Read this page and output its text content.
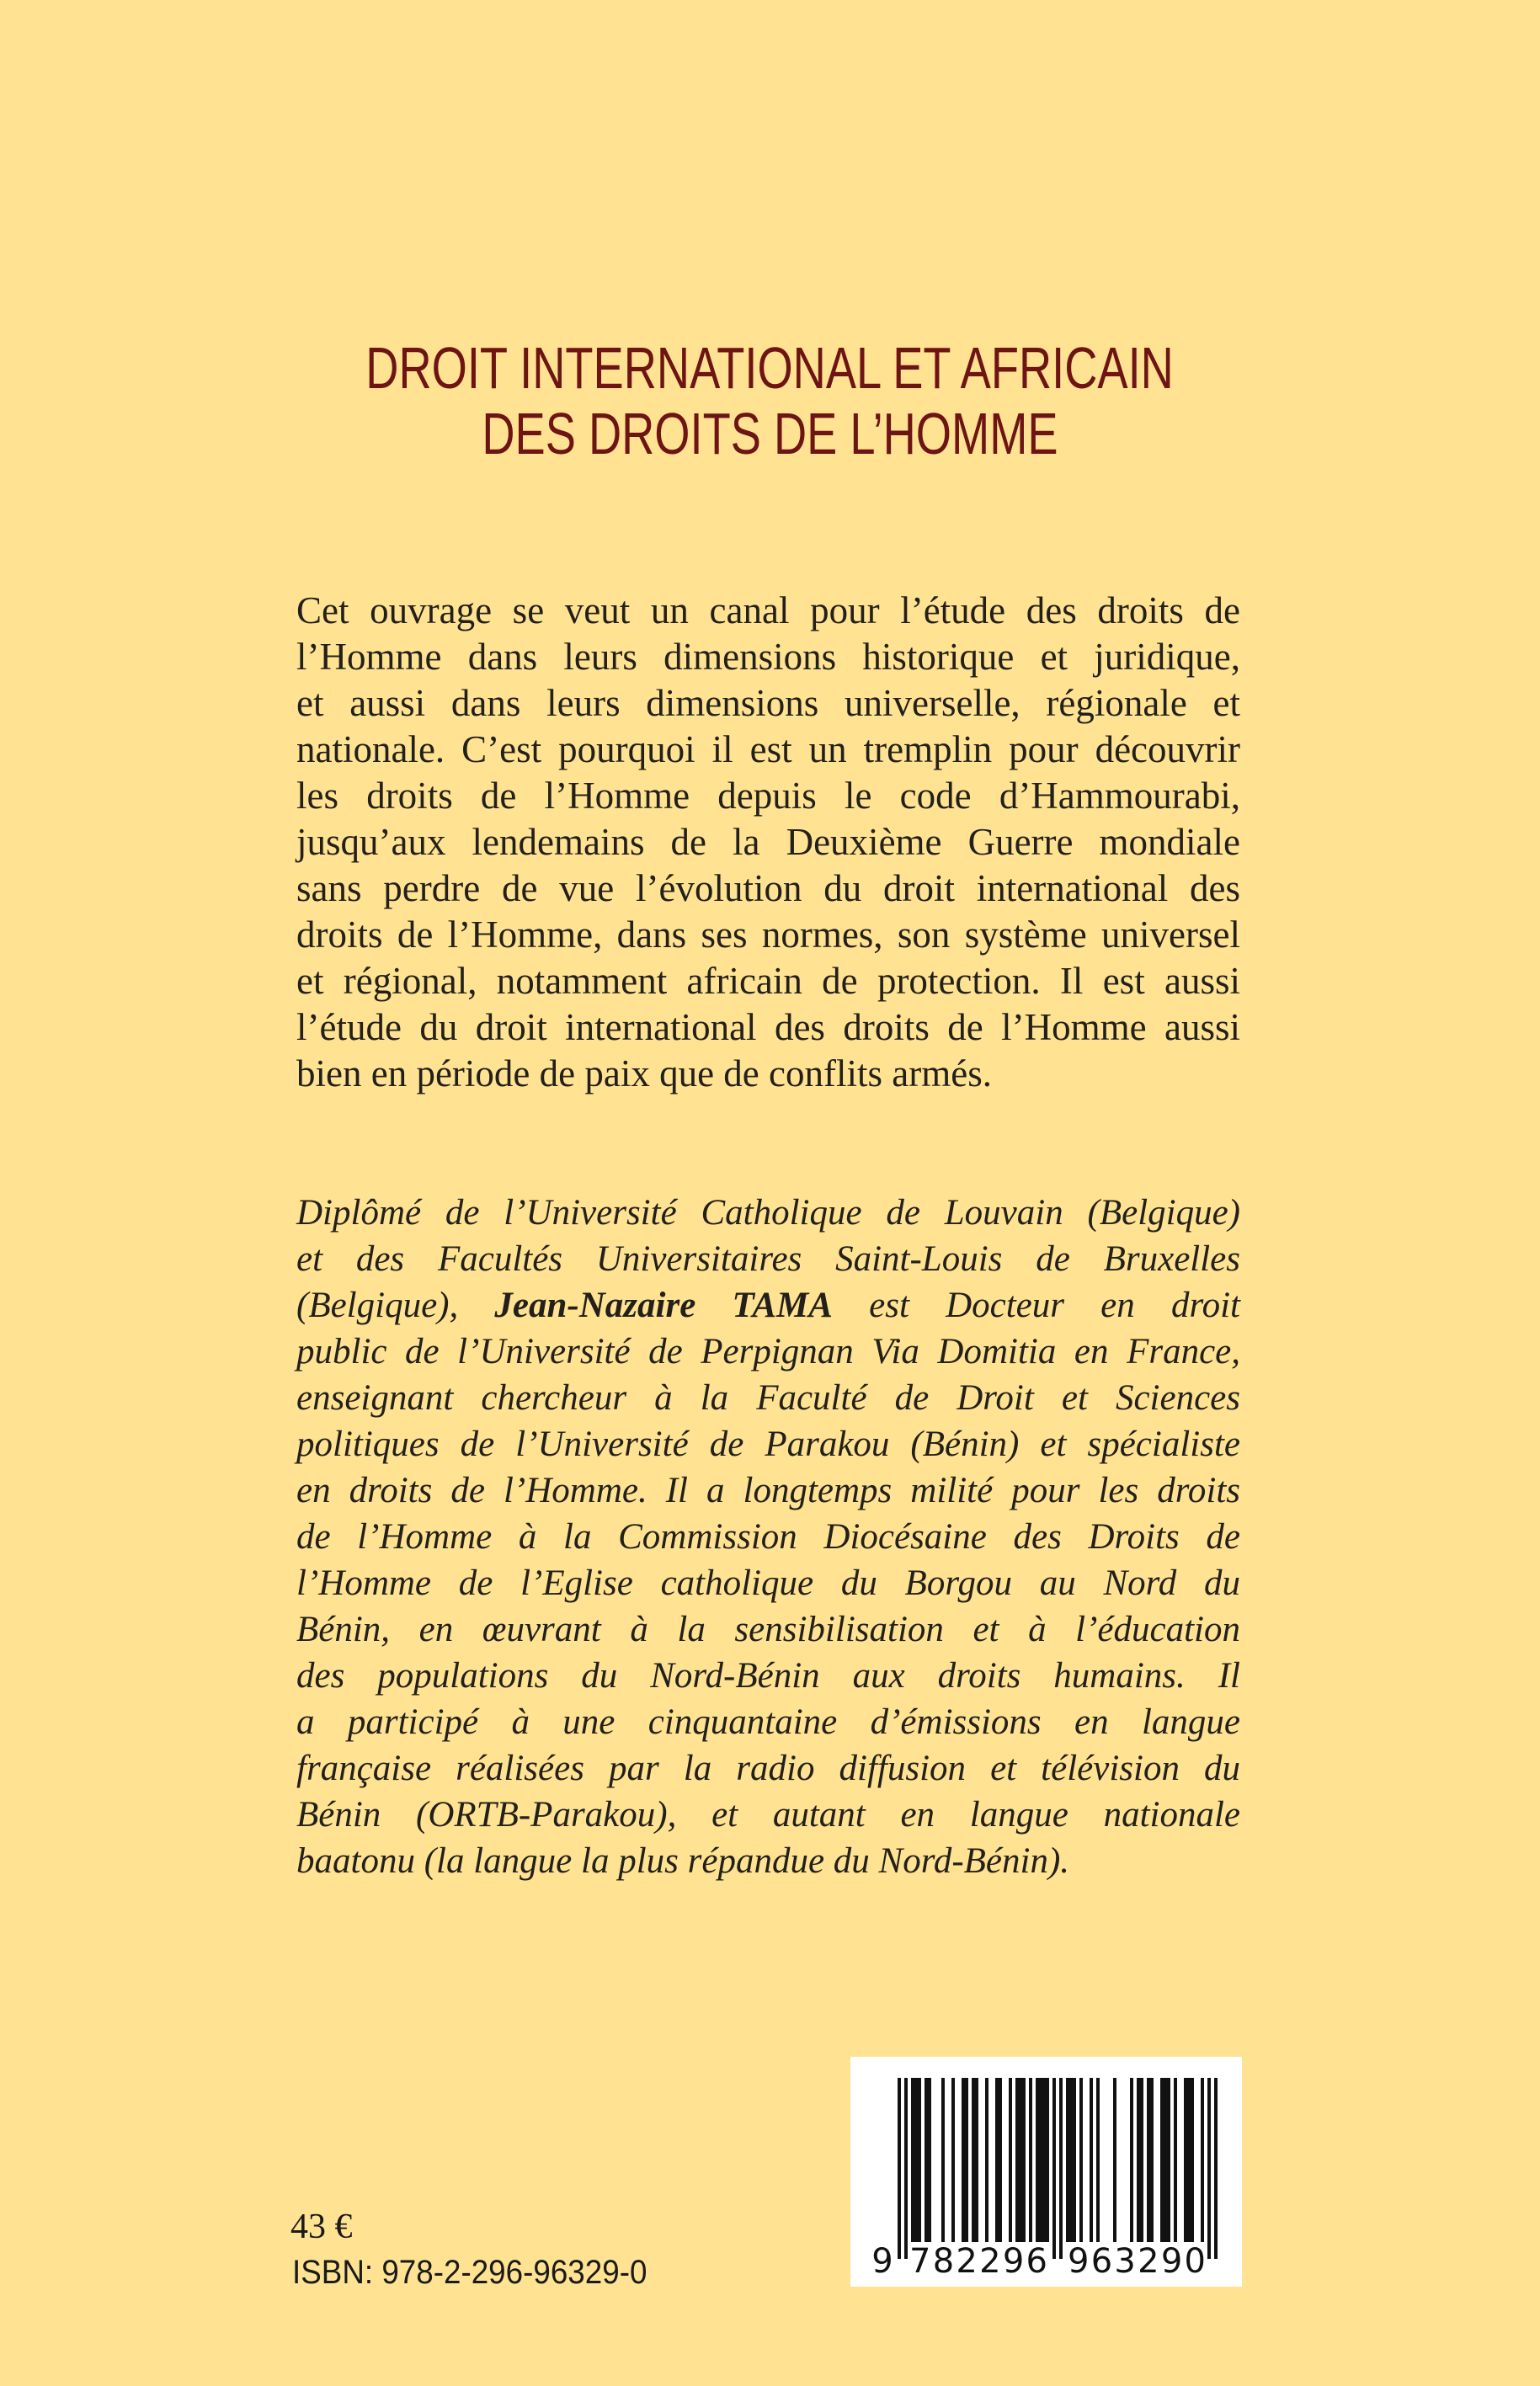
DROIT INTERNATIONAL ET AFRICAIN
DES DROITS DE L’HOMME
Cet ouvrage se veut un canal pour l’étude des droits de
l’Homme dans leurs dimensions historique et juridique,
et aussi dans leurs dimensions universelle, régionale et
nationale. C’est pourquoi il est un tremplin pour découvrir
les droits de l’Homme depuis le code d’Hammourabi,
jusqu’aux lendemains de la Deuxième Guerre mondiale
sans perdre de vue l’évolution du droit international des
droits de l’Homme, dans ses normes, son système universel
et régional, notamment africain de protection. Il est aussi
l’étude du droit international des droits de l’Homme aussi
bien en période de paix que de conflits armés.
Diplômé de l’Université Catholique de Louvain (Belgique)
et des Facultés Universitaires Saint-Louis de Bruxelles
(Belgique), Jean-Nazaire TAMA est Docteur en droit
public de l’Université de Perpignan Via Domitia en France,
enseignant chercheur à la Faculté de Droit et Sciences
politiques de l’Université de Parakou (Bénin) et spécialiste
en droits de l’Homme. Il a longtemps milité pour les droits
de l’Homme à la Commission Diocésaine des Droits de
l’Homme de l’Eglise catholique du Borgou au Nord du
Bénin, en œuvrant à la sensibilisation et à l’éducation
des populations du Nord-Bénin aux droits humains. Il
a participé à une cinquantaine d’émissions en langue
française réalisées par la radio diffusion et télévision du
Bénin (ORTB-Parakou), et autant en langue nationale
baatonu (la langue la plus répandue du Nord-Bénin).
43 €
ISBN: 978-2-296-96329-0	9 782296 963290
